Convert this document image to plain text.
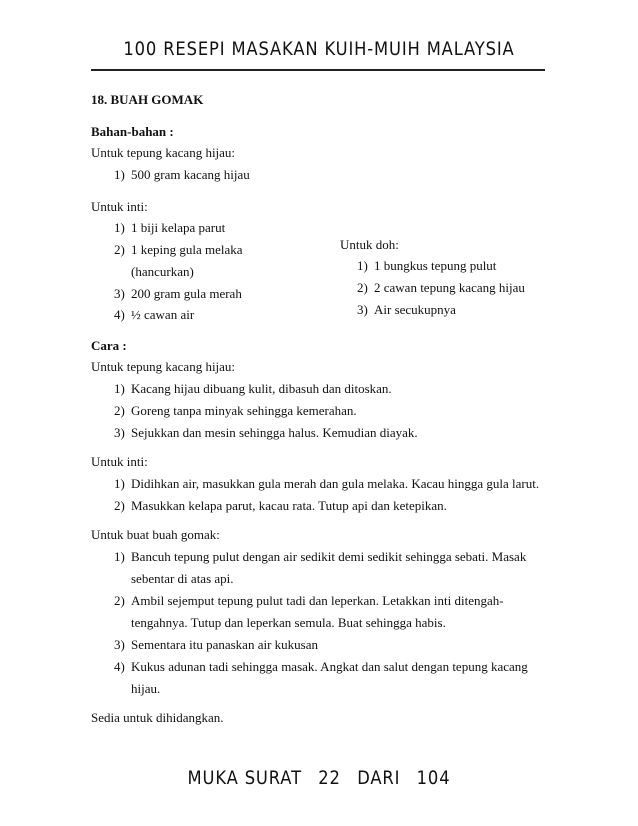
100 RESEPI MASAKAN KUIH-MUIH MALAYSIA
18. BUAH GOMAK
Bahan-bahan :
Untuk tepung kacang hijau:
1) 500 gram kacang hijau
Untuk inti:
1) 1 biji kelapa parut
2) 1 keping gula melaka
(hancurkan)
3) 200 gram gula merah
4) ½ cawan air
Untuk doh:
1) 1 bungkus tepung pulut
2) 2 cawan tepung kacang hijau
3) Air secukupnya
Cara :
Untuk tepung kacang hijau:
1) Kacang hijau dibuang kulit, dibasuh dan ditoskan.
2) Goreng tanpa minyak sehingga kemerahan.
3) Sejukkan dan mesin sehingga halus. Kemudian diayak.
Untuk inti:
1) Didihkan air, masukkan gula merah dan gula melaka. Kacau hingga gula larut.
2) Masukkan kelapa parut, kacau rata. Tutup api dan ketepikan.
Untuk buat buah gomak:
1) Bancuh tepung pulut dengan air sedikit demi sedikit sehingga sebati. Masak
sebentar di atas api.
2) Ambil sejemput tepung pulut tadi dan leperkan. Letakkan inti ditengah-
tengahnya. Tutup dan leperkan semula. Buat sehingga habis.
3) Sementara itu panaskan air kukusan
4) Kukus adunan tadi sehingga masak. Angkat dan salut dengan tepung kacang
hijau.
Sedia untuk dihidangkan.
MUKA SURAT 22 DARI 104
